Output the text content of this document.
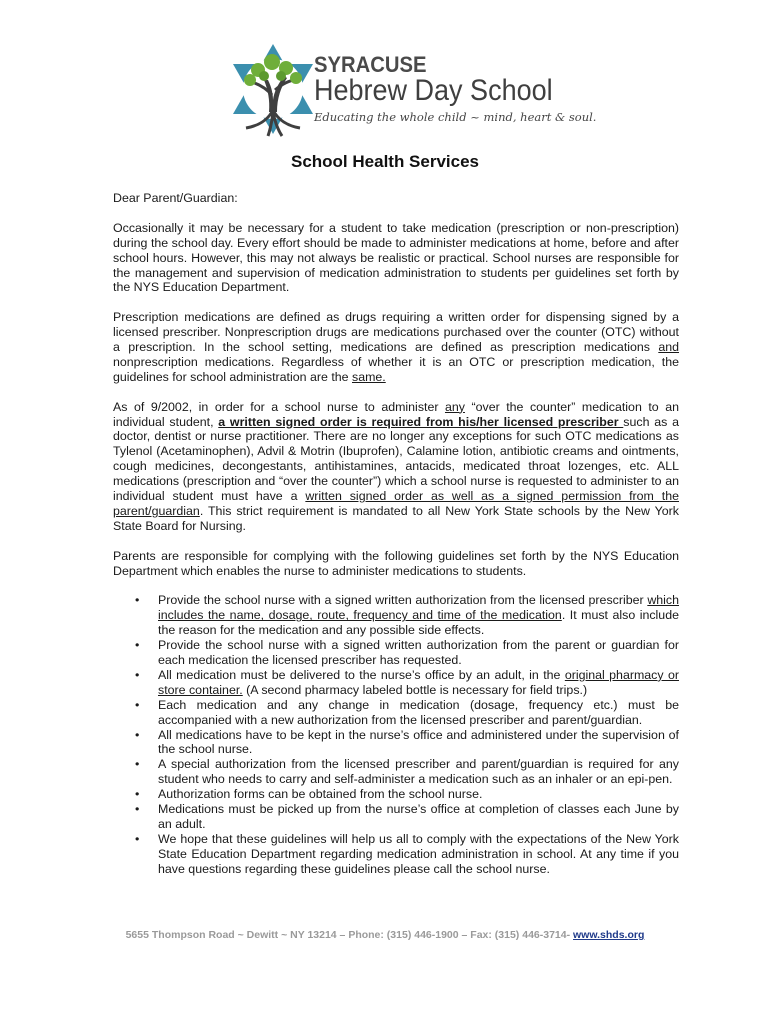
SYRACUSE
Hebrew Day School
Educating the whole child ~ mind, heart & soul.
School Health Services

Dear Parent/Guardian:

Occasionally it may be necessary for a student to take medication (prescription or non-prescription) during the school day. Every effort should be made to administer medications at home, before and after school hours. However, this may not always be realistic or practical. School nurses are responsible for the management and supervision of medication administration to students per guidelines set forth by the NYS Education Department.

Prescription medications are defined as drugs requiring a written order for dispensing signed by a licensed prescriber. Nonprescription drugs are medications purchased over the counter (OTC) without a prescription. In the school setting, medications are defined as prescription medications and nonprescription medications. Regardless of whether it is an OTC or prescription medication, the guidelines for school administration are the same.

As of 9/2002, in order for a school nurse to administer any “over the counter” medication to an individual student, a written signed order is required from his/her licensed prescriber such as a doctor, dentist or nurse practitioner. There are no longer any exceptions for such OTC medications as Tylenol (Acetaminophen), Advil & Motrin (Ibuprofen), Calamine lotion, antibiotic creams and ointments, cough medicines, decongestants, antihistamines, antacids, medicated throat lozenges, etc. ALL medications (prescription and “over the counter”) which a school nurse is requested to administer to an individual student must have a written signed order as well as a signed permission from the parent/guardian. This strict requirement is mandated to all New York State schools by the New York State Board for Nursing.

Parents are responsible for complying with the following guidelines set forth by the NYS Education Department which enables the nurse to administer medications to students.

• Provide the school nurse with a signed written authorization from the licensed prescriber which includes the name, dosage, route, frequency and time of the medication. It must also include the reason for the medication and any possible side effects.
• Provide the school nurse with a signed written authorization from the parent or guardian for each medication the licensed prescriber has requested.
• All medication must be delivered to the nurse’s office by an adult, in the original pharmacy or store container. (A second pharmacy labeled bottle is necessary for field trips.)
• Each medication and any change in medication (dosage, frequency etc.) must be accompanied with a new authorization from the licensed prescriber and parent/guardian.
• All medications have to be kept in the nurse’s office and administered under the supervision of the school nurse.
• A special authorization from the licensed prescriber and parent/guardian is required for any student who needs to carry and self-administer a medication such as an inhaler or an epi-pen.
• Authorization forms can be obtained from the school nurse.
• Medications must be picked up from the nurse’s office at completion of classes each June by an adult.
• We hope that these guidelines will help us all to comply with the expectations of the New York State Education Department regarding medication administration in school. At any time if you have questions regarding these guidelines please call the school nurse.
5655 Thompson Road ~ Dewitt ~ NY 13214 – Phone: (315) 446-1900 – Fax: (315) 446-3714- www.shds.org
